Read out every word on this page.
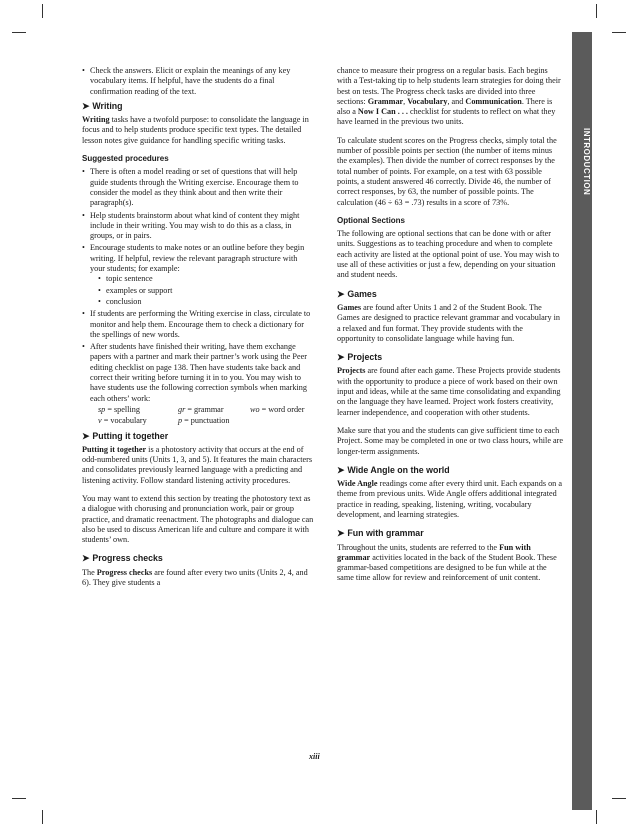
INTRODUCTION
• Check the answers. Elicit or explain the meanings of any key vocabulary items. If helpful, have the students do a final confirmation reading of the text.
➤ Writing

Writing tasks have a twofold purpose: to consolidate the language in focus and to help students produce specific text types. The detailed lesson notes give guidance for handling specific writing tasks.

Suggested procedures
• There is often a model reading or set of questions that will help guide students through the Writing exercise. Encourage them to consider the model as they think about and then write their paragraph(s).
• Help students brainstorm about what kind of content they might include in their writing. You may wish to do this as a class, in groups, or in pairs.
• Encourage students to make notes or an outline before they begin writing. If helpful, review the relevant paragraph structure with your students; for example:
• topic sentence
• examples or support
• conclusion
• If students are performing the Writing exercise in class, circulate to monitor and help them. Encourage them to check a dictionary for the spellings of new words.
• After students have finished their writing, have them exchange papers with a partner and mark their partner’s work using the Peer editing checklist on page 138. Then have students take back and correct their writing before turning it in to you. You may wish to have students use the following correction symbols when marking each others’ work:
sp = spelling	gr = grammar	wo = word order
v = vocabulary	p = punctuation
➤ Putting it together

Putting it together is a photostory activity that occurs at the end of odd-numbered units (Units 1, 3, and 5). It features the main characters and consolidates previously learned language with a predicting and listening activity. Follow standard listening activity procedures.

You may want to extend this section by treating the photostory text as a dialogue with chorusing and pronunciation work, pair or group practice, and dramatic reenactment. The photographs and dialogue can also be used to discuss American life and culture and compare it with students’ own.

➤ Progress checks

The Progress checks are found after every two units (Units 2, 4, and 6). They give students a

chance to measure their progress on a regular basis. Each begins with a Test-taking tip to help students learn strategies for doing their best on tests. The Progress check tasks are divided into three sections: Grammar, Vocabulary, and Communication. There is also a Now I Can . . . checklist for students to reflect on what they have learned in the previous two units.

To calculate student scores on the Progress checks, simply total the number of possible points per section (the number of items minus the examples). Then divide the number of correct responses by the total number of points. For example, on a test with 63 possible points, a student answered 46 correctly. Divide 46, the number of correct responses, by 63, the number of possible points. The calculation (46 ÷ 63 = .73) results in a score of 73%.

Optional Sections

The following are optional sections that can be done with or after units. Suggestions as to teaching procedure and when to complete each activity are listed at the optional point of use. You may wish to use all of these activities or just a few, depending on your situation and student needs.

➤ Games

Games are found after Units 1 and 2 of the Student Book. The Games are designed to practice relevant grammar and vocabulary in a relaxed and fun format. They provide students with the opportunity to consolidate language while having fun.

➤ Projects

Projects are found after each game. These Projects provide students with the opportunity to produce a piece of work based on their own input and ideas, while at the same time consolidating and expanding on the language they have learned. Project work fosters creativity, learner independence, and cooperation with other students.

Make sure that you and the students can give sufficient time to each Project. Some may be completed in one or two class hours, while are longer-term assignments.

➤ Wide Angle on the world

Wide Angle readings come after every third unit. Each expands on a theme from previous units. Wide Angle offers additional integrated practice in reading, speaking, listening, writing, vocabulary development, and learning strategies.

➤ Fun with grammar

Throughout the units, students are referred to the Fun with grammar activities located in the back of the Student Book. These grammar-based competitions are designed to be fun while at the same time allow for review and reinforcement of unit content.

xiii
